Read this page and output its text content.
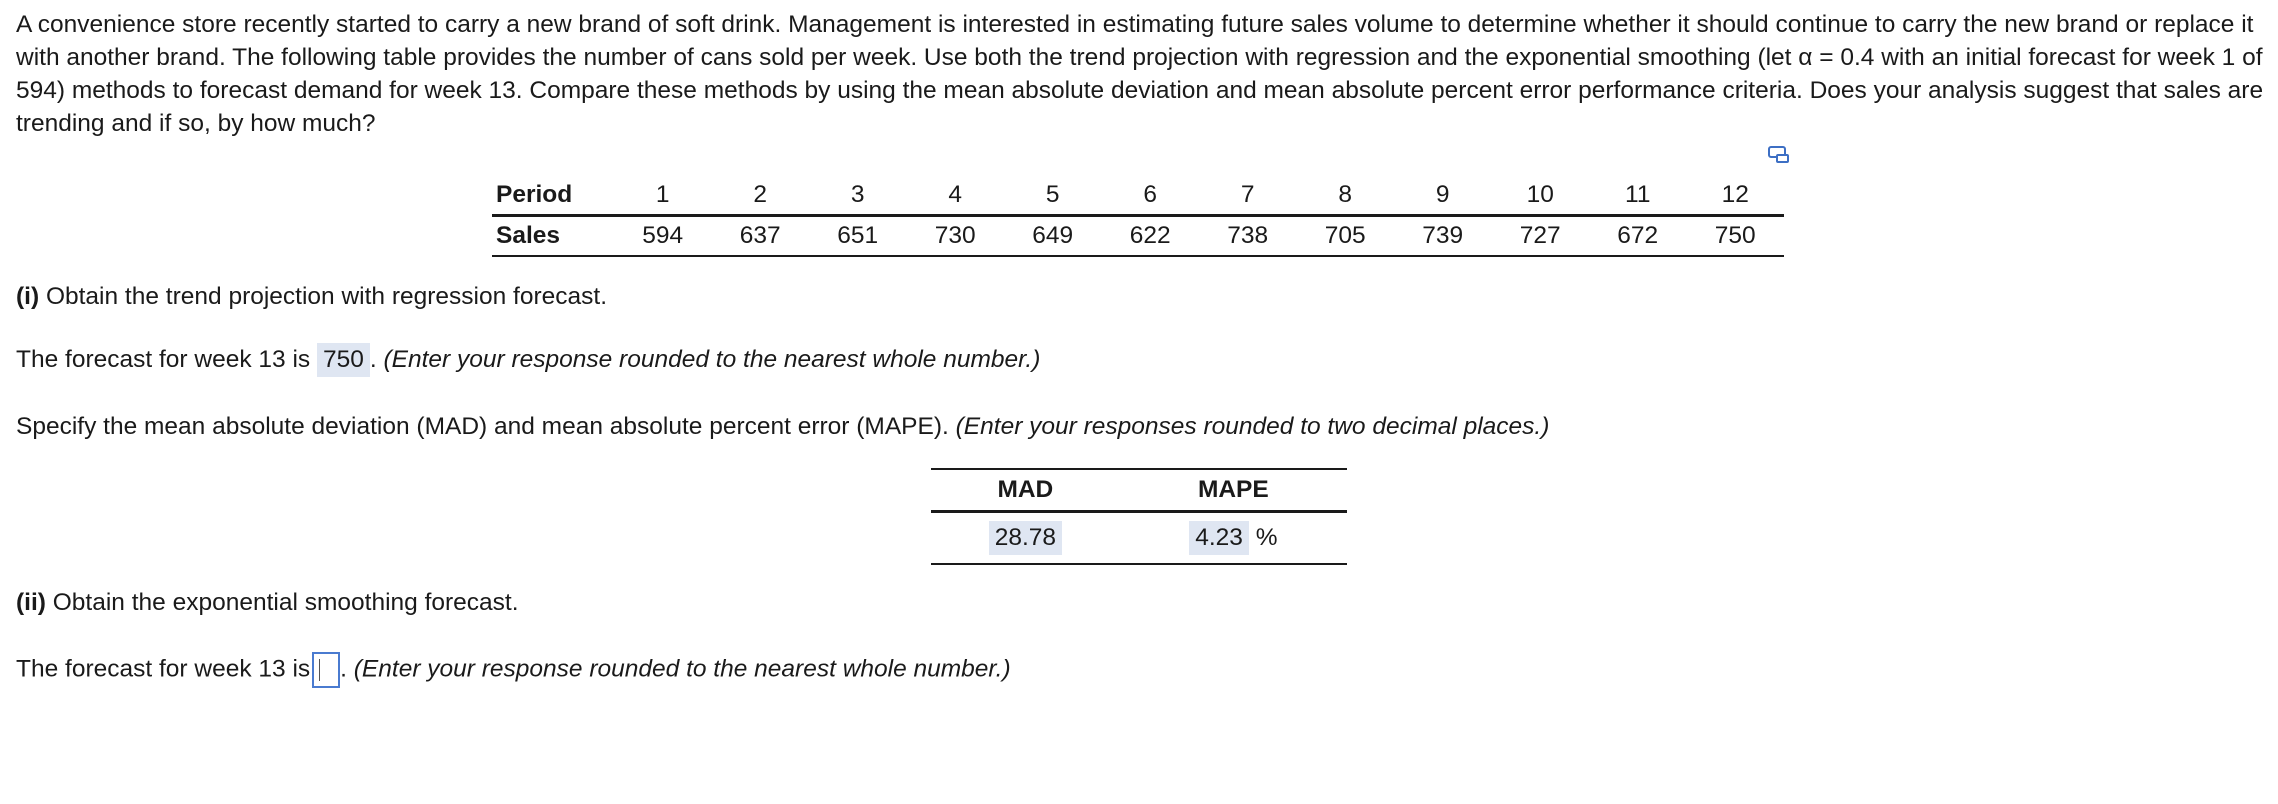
A convenience store recently started to carry a new brand of soft drink. Management is interested in estimating future sales volume to determine whether it should continue to carry the new brand or replace it with another brand. The following table provides the number of cans sold per week. Use both the trend projection with regression and the exponential smoothing (let α = 0.4 with an initial forecast for week 1 of 594) methods to forecast demand for week 13. Compare these methods by using the mean absolute deviation and mean absolute percent error performance criteria. Does your analysis suggest that sales are trending and if so, by how much?

Period	1	2	3	4	5	6	7	8	9	10	11	12
Sales	594	637	651	730	649	622	738	705	739	727	672	750

(i) Obtain the trend projection with regression forecast.

The forecast for week 13 is 750 . (Enter your response rounded to the nearest whole number.)

Specify the mean absolute deviation (MAD) and mean absolute percent error (MAPE). (Enter your responses rounded to two decimal places.)

MAD	MAPE
28.78	4.23 %

(ii) Obtain the exponential smoothing forecast.

The forecast for week 13 is . (Enter your response rounded to the nearest whole number.)
